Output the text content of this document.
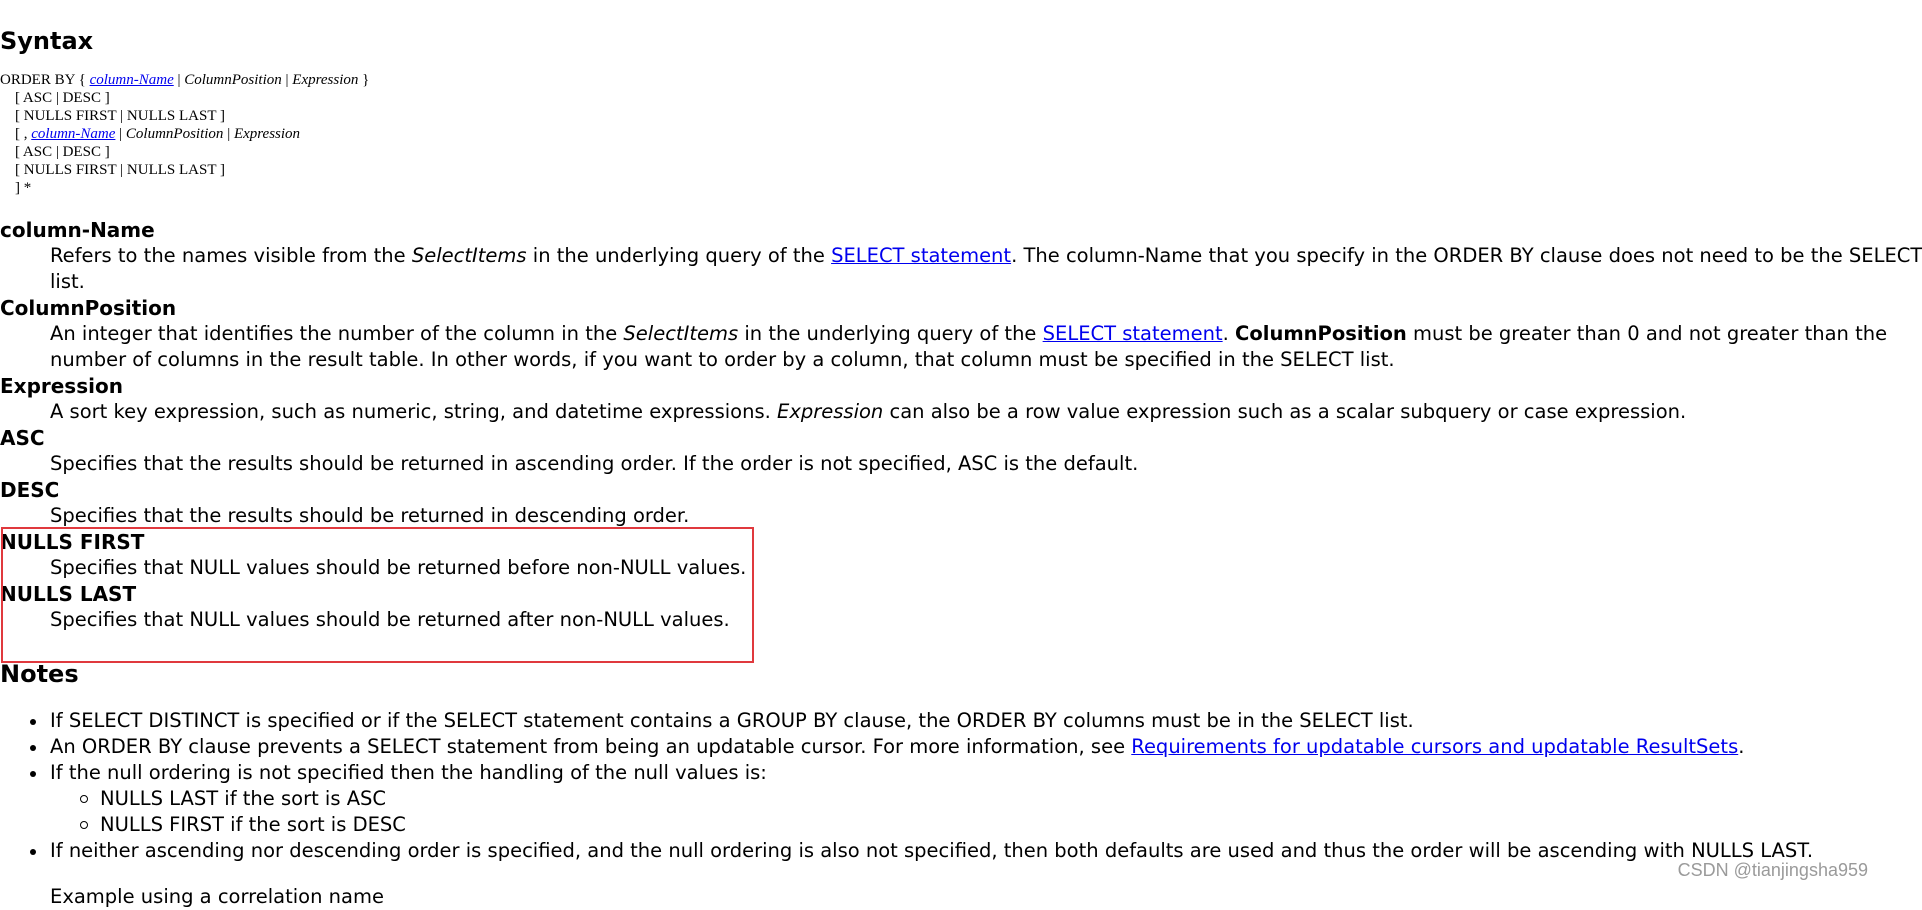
Syntax
ORDER BY { column-Name | ColumnPosition | Expression }
[ ASC | DESC ]
[ NULLS FIRST | NULLS LAST ]
[ , column-Name | ColumnPosition | Expression
[ ASC | DESC ]
[ NULLS FIRST | NULLS LAST ]
] *
column-Name
Refers to the names visible from the SelectItems in the underlying query of the SELECT statement. The column-Name that you specify in the ORDER BY clause does not need to be the SELECT
list.
ColumnPosition
An integer that identifies the number of the column in the SelectItems in the underlying query of the SELECT statement. ColumnPosition must be greater than 0 and not greater than the
number of columns in the result table. In other words, if you want to order by a column, that column must be specified in the SELECT list.
Expression
A sort key expression, such as numeric, string, and datetime expressions. Expression can also be a row value expression such as a scalar subquery or case expression.
ASC
Specifies that the results should be returned in ascending order. If the order is not specified, ASC is the default.
DESC
Specifies that the results should be returned in descending order.
NULLS FIRST
Specifies that NULL values should be returned before non-NULL values.
NULLS LAST
Specifies that NULL values should be returned after non-NULL values.
Notes
If SELECT DISTINCT is specified or if the SELECT statement contains a GROUP BY clause, the ORDER BY columns must be in the SELECT list.
An ORDER BY clause prevents a SELECT statement from being an updatable cursor. For more information, see Requirements for updatable cursors and updatable ResultSets.
If the null ordering is not specified then the handling of the null values is:
NULLS LAST if the sort is ASC
NULLS FIRST if the sort is DESC
If neither ascending nor descending order is specified, and the null ordering is also not specified, then both defaults are used and thus the order will be ascending with NULLS LAST.
Example using a correlation name
CSDN @tianjingsha959
